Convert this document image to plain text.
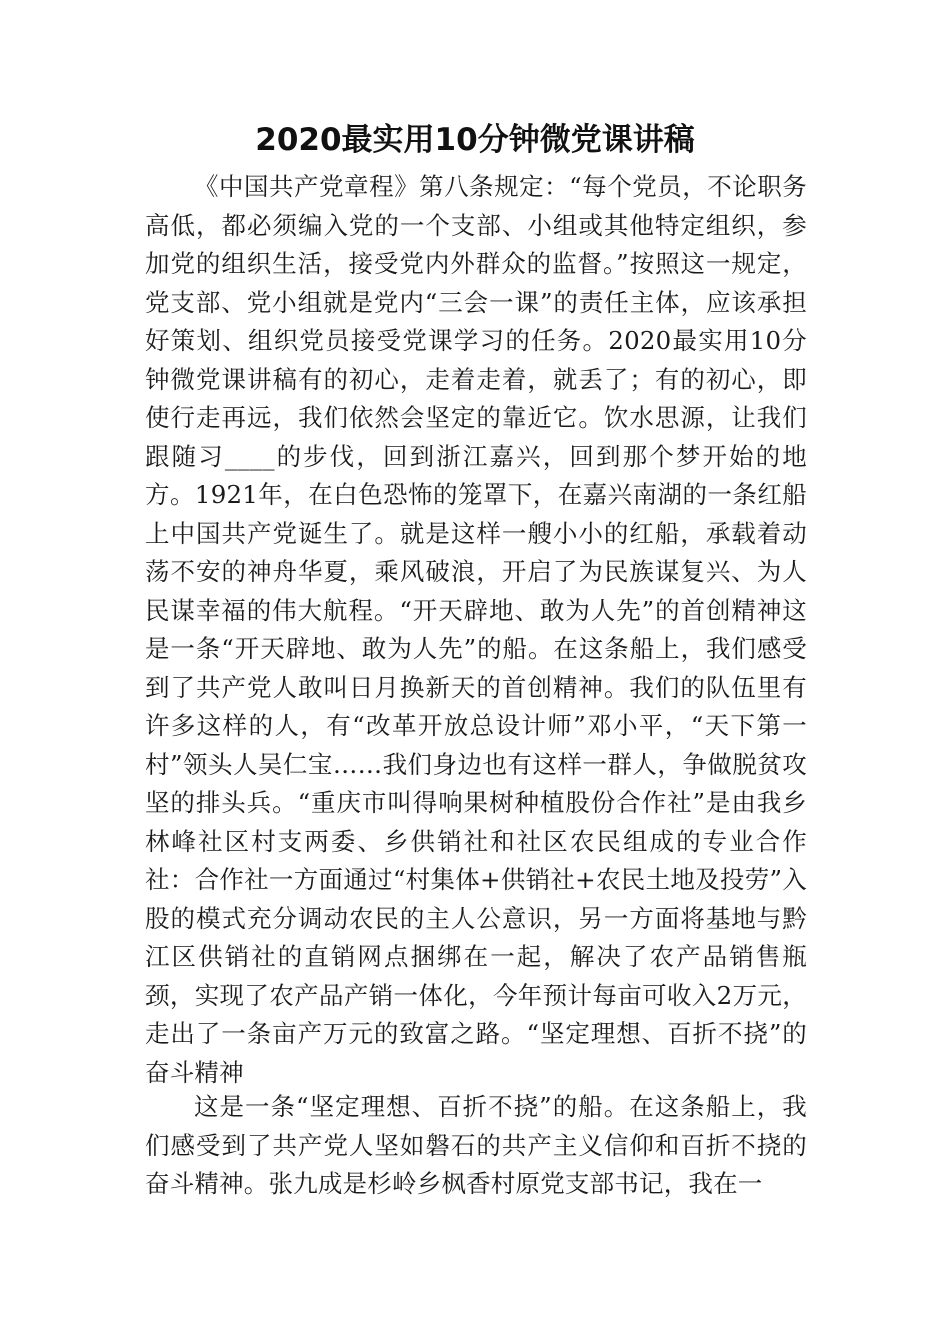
2020最实用10分钟微党课讲稿

《中国共产党章程》第八条规定：“每个党员，不论职务高低，都必须编入党的一个支部、小组或其他特定组织，参加党的组织生活，接受党内外群众的监督。”按照这一规定，党支部、党小组就是党内“三会一课”的责任主体，应该承担好策划、组织党员接受党课学习的任务。2020最实用10分钟微党课讲稿有的初心，走着走着，就丢了；有的初心，即使行走再远，我们依然会坚定的靠近它。饮水思源，让我们跟随习____的步伐，回到浙江嘉兴，回到那个梦开始的地方。1921年，在白色恐怖的笼罩下，在嘉兴南湖的一条红船上中国共产党诞生了。就是这样一艘小小的红船，承载着动荡不安的神舟华夏，乘风破浪，开启了为民族谋复兴、为人民谋幸福的伟大航程。“开天辟地、敢为人先”的首创精神这是一条“开天辟地、敢为人先”的船。在这条船上，我们感受到了共产党人敢叫日月换新天的首创精神。我们的队伍里有许多这样的人，有“改革开放总设计师”邓小平，“天下第一村”领头人吴仁宝……我们身边也有这样一群人，争做脱贫攻坚的排头兵。“重庆市叫得响果树种植股份合作社”是由我乡林峰社区村支两委、乡供销社和社区农民组成的专业合作社：合作社一方面通过“村集体+供销社+农民土地及投劳”入股的模式充分调动农民的主人公意识，另一方面将基地与黔江区供销社的直销网点捆绑在一起，解决了农产品销售瓶颈，实现了农产品产销一体化，今年预计每亩可收入2万元，走出了一条亩产万元的致富之路。“坚定理想、百折不挠”的奋斗精神

这是一条“坚定理想、百折不挠”的船。在这条船上，我们感受到了共产党人坚如磐石的共产主义信仰和百折不挠的奋斗精神。张九成是杉岭乡枫香村原党支部书记，我在一
